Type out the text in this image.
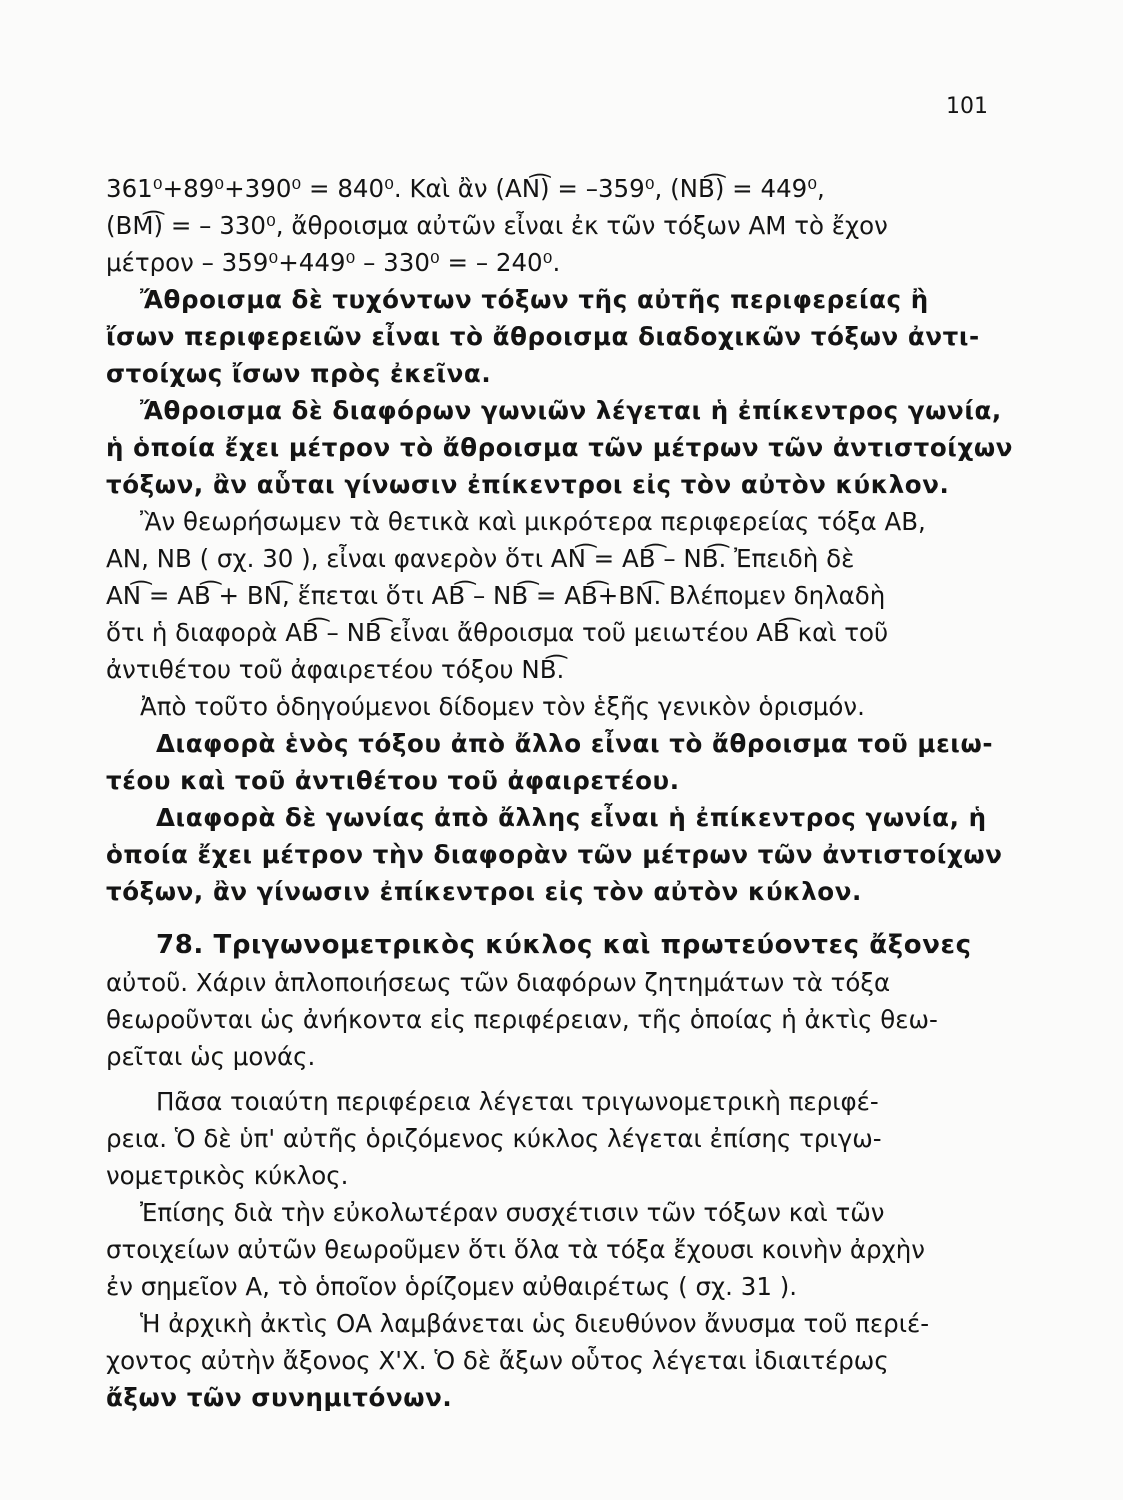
101
361⁰+89⁰+390⁰ = 840⁰. Καὶ ἂν (AN͡) = –359⁰, (NB͡) = 449⁰,
(BM͡) = – 330⁰, ἄθροισμα αὐτῶν εἶναι ἐκ τῶν τόξων ΑΜ τὸ ἔχον
μέτρον – 359⁰+449⁰ – 330⁰ = – 240⁰.
Ἄθροισμα δὲ τυχόντων τόξων τῆς αὐτῆς περιφερείας ἢ
ἴσων περιφερειῶν εἶναι τὸ ἄθροισμα διαδοχικῶν τόξων ἀντι-
στοίχως ἴσων πρὸς ἐκεῖνα.
Ἄθροισμα δὲ διαφόρων γωνιῶν λέγεται ἡ ἐπίκεντρος γωνία,
ἡ ὁποία ἔχει μέτρον τὸ ἄθροισμα τῶν μέτρων τῶν ἀντιστοίχων
τόξων, ἂν αὗται γίνωσιν ἐπίκεντροι εἰς τὸν αὐτὸν κύκλον.
Ἂν θεωρήσωμεν τὰ θετικὰ καὶ μικρότερα περιφερείας τόξα ΑΒ,
ΑΝ, ΝΒ ( σχ. 30 ), εἶναι φανερὸν ὅτι AN͡ = AB͡ – NB͡. Ἐπειδὴ δὲ
AN͡ = AB͡ + BN͡, ἕπεται ὅτι AB͡ – NB͡ = AB͡+BN͡. Βλέπομεν δηλαδὴ
ὅτι ἡ διαφορὰ AB͡ – NB͡ εἶναι ἄθροισμα τοῦ μειωτέου AB͡ καὶ τοῦ
ἀντιθέτου τοῦ ἀφαιρετέου τόξου NB͡.
Ἀπὸ τοῦτο ὁδηγούμενοι δίδομεν τὸν ἑξῆς γενικὸν ὁρισμόν.
Διαφορὰ ἑνὸς τόξου ἀπὸ ἄλλο εἶναι τὸ ἄθροισμα τοῦ μειω-
τέου καὶ τοῦ ἀντιθέτου τοῦ ἀφαιρετέου.
Διαφορὰ δὲ γωνίας ἀπὸ ἄλλης εἶναι ἡ ἐπίκεντρος γωνία, ἡ
ὁποία ἔχει μέτρον τὴν διαφορὰν τῶν μέτρων τῶν ἀντιστοίχων
τόξων, ἂν γίνωσιν ἐπίκεντροι εἰς τὸν αὐτὸν κύκλον.
78. Τριγωνομετρικὸς κύκλος καὶ πρωτεύοντες ἄξονες
αὐτοῦ. Χάριν ἁπλοποιήσεως τῶν διαφόρων ζητημάτων τὰ τόξα
θεωροῦνται ὡς ἀνήκοντα εἰς περιφέρειαν, τῆς ὁποίας ἡ ἀκτὶς θεω-
ρεῖται ὡς μονάς.
Πᾶσα τοιαύτη περιφέρεια λέγεται τριγωνομετρικὴ περιφέ-
ρεια. Ὁ δὲ ὑπ' αὐτῆς ὁριζόμενος κύκλος λέγεται ἐπίσης τριγω-
νομετρικὸς κύκλος.
Ἐπίσης διὰ τὴν εὐκολωτέραν συσχέτισιν τῶν τόξων καὶ τῶν
στοιχείων αὐτῶν θεωροῦμεν ὅτι ὅλα τὰ τόξα ἔχουσι κοινὴν ἀρχὴν
ἐν σημεῖον Α, τὸ ὁποῖον ὁρίζομεν αὐθαιρέτως ( σχ. 31 ).
Ἡ ἀρχικὴ ἀκτὶς ΟΑ λαμβάνεται ὡς διευθύνον ἄνυσμα τοῦ περιέ-
χοντος αὐτὴν ἄξονος Χ'Χ. Ὁ δὲ ἄξων οὗτος λέγεται ἰδιαιτέρως
ἄξων τῶν συνημιτόνων.
